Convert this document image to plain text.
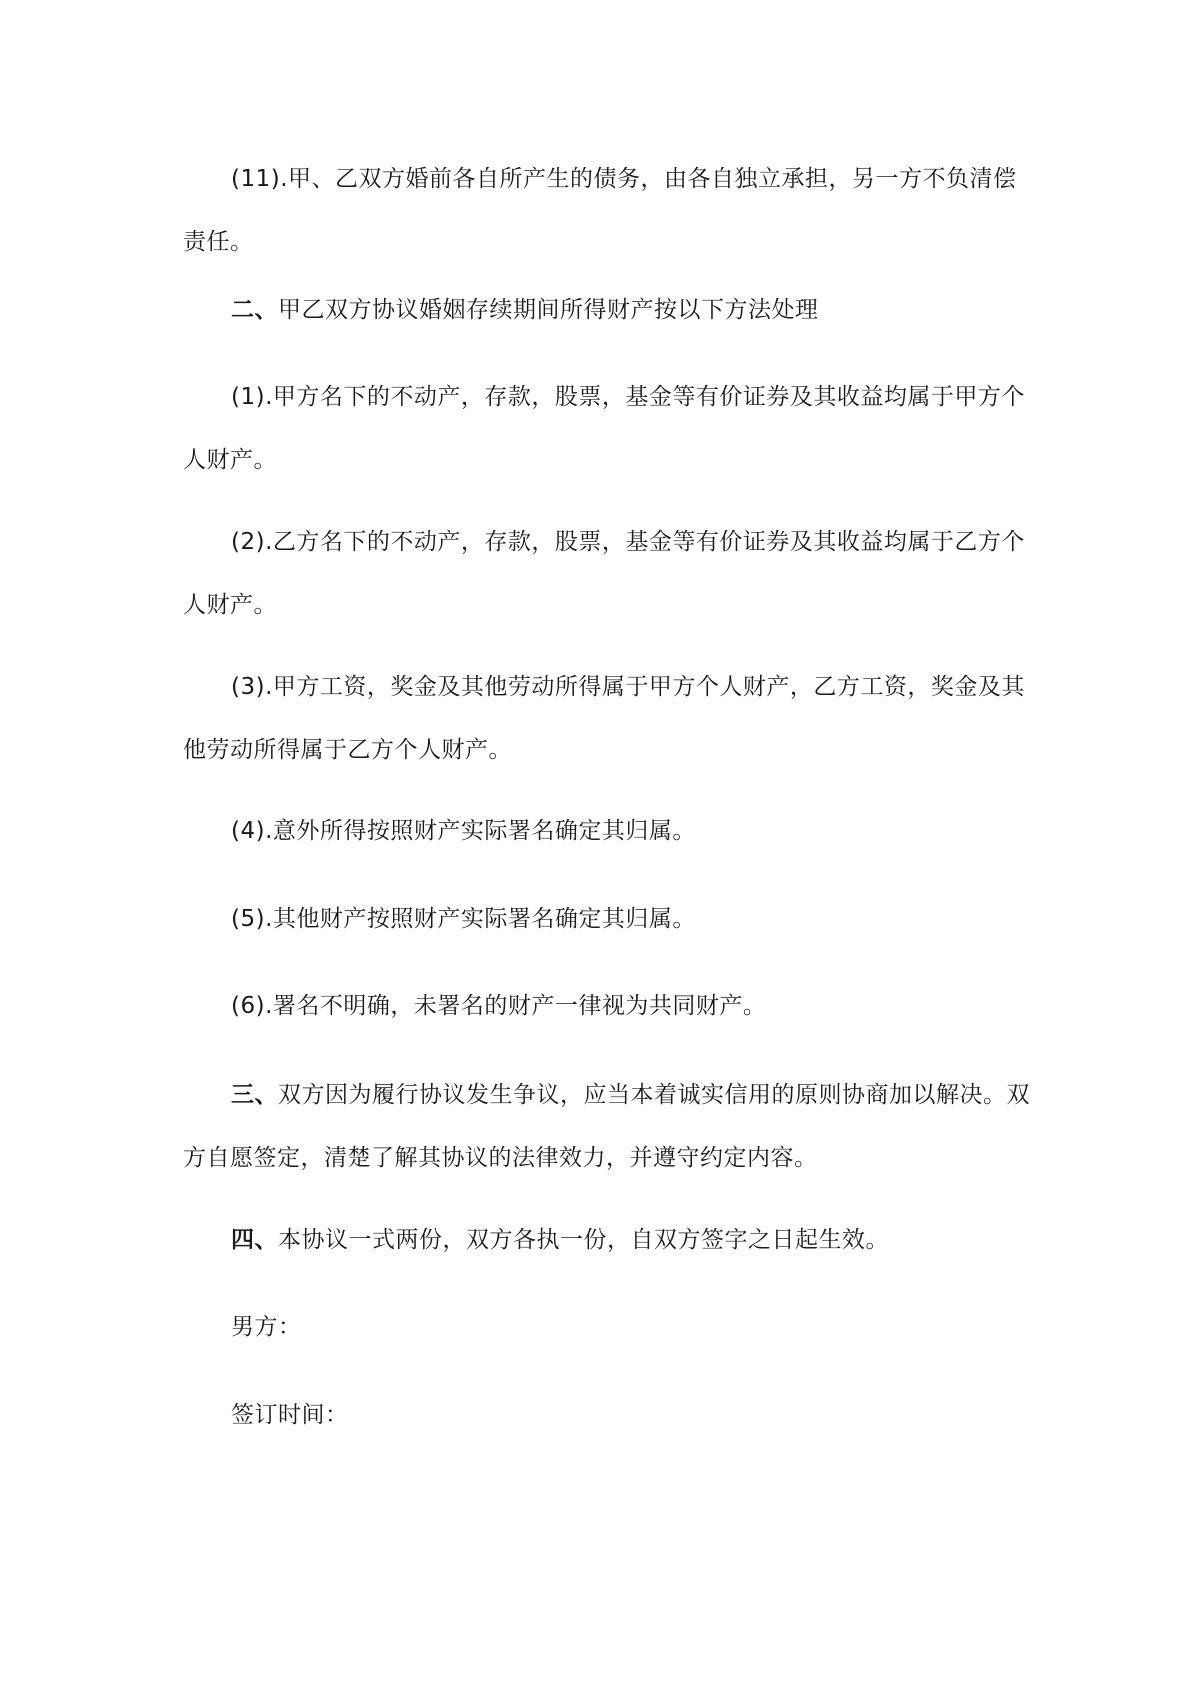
(11).甲、乙双方婚前各自所产生的债务，由各自独立承担，另一方不负清偿责任。

二、甲乙双方协议婚姻存续期间所得财产按以下方法处理

(1).甲方名下的不动产，存款，股票，基金等有价证券及其收益均属于甲方个人财产。

(2).乙方名下的不动产，存款，股票，基金等有价证券及其收益均属于乙方个人财产。

(3).甲方工资，奖金及其他劳动所得属于甲方个人财产，乙方工资，奖金及其他劳动所得属于乙方个人财产。

(4).意外所得按照财产实际署名确定其归属。

(5).其他财产按照财产实际署名确定其归属。

(6).署名不明确，未署名的财产一律视为共同财产。

三、双方因为履行协议发生争议，应当本着诚实信用的原则协商加以解决。双方自愿签定，清楚了解其协议的法律效力，并遵守约定内容。

四、本协议一式两份，双方各执一份，自双方签字之日起生效。

男方：

签订时间：
